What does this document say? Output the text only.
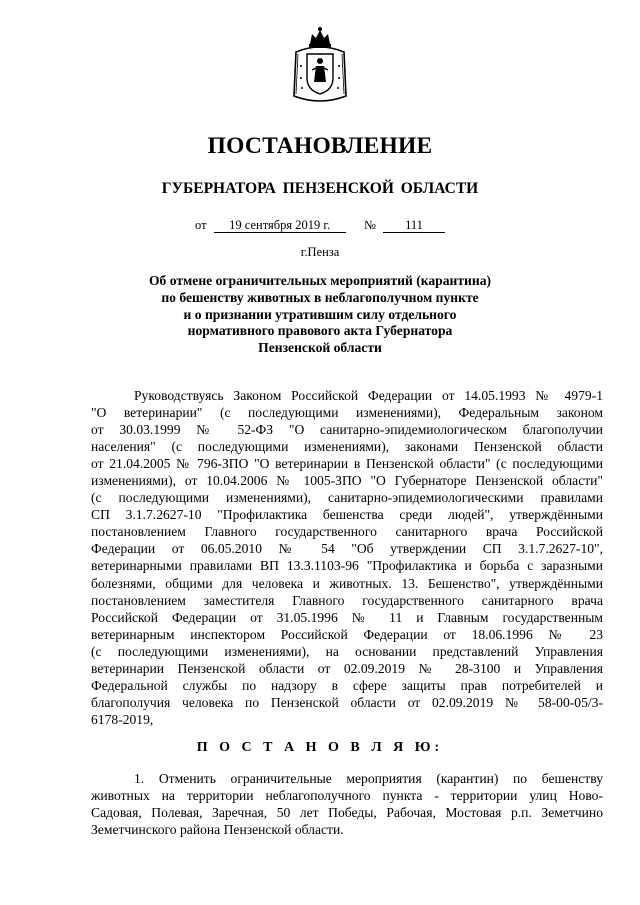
ПОСТАНОВЛЕНИЕ
ГУБЕРНАТОРА ПЕНЗЕНСКОЙ ОБЛАСТИ
от 19 сентября 2019 г.	№ 111
г.Пенза
Об отмене ограничительных мероприятий (карантина)
по бешенству животных в неблагополучном пункте
и о признании утратившим силу отдельного
нормативного правового акта Губернатора
Пензенской области
Руководствуясь Законом Российской Федерации от 14.05.1993 № 4979-1
"О ветеринарии" (с последующими изменениями), Федеральным законом
от 30.03.1999 № 52-ФЗ "О санитарно-эпидемиологическом благополучии
населения" (с последующими изменениями), законами Пензенской области
от 21.04.2005 № 796-ЗПО "О ветеринарии в Пензенской области" (с последующими
изменениями), от 10.04.2006 № 1005-ЗПО "О Губернаторе Пензенской области"
(с последующими изменениями), санитарно-эпидемиологическими правилами
СП 3.1.7.2627-10 "Профилактика бешенства среди людей", утверждёнными
постановлением Главного государственного санитарного врача Российской
Федерации от 06.05.2010 № 54 "Об утверждении СП 3.1.7.2627-10",
ветеринарными правилами ВП 13.3.1103-96 "Профилактика и борьба с заразными
болезнями, общими для человека и животных. 13. Бешенство", утверждёнными
постановлением заместителя Главного государственного санитарного врача
Российской Федерации от 31.05.1996 № 11 и Главным государственным
ветеринарным инспектором Российской Федерации от 18.06.1996 № 23
(с последующими изменениями), на основании представлений Управления
ветеринарии Пензенской области от 02.09.2019 № 28-3100 и Управления
Федеральной службы по надзору в сфере защиты прав потребителей и
благополучия человека по Пензенской области от 02.09.2019 № 58-00-05/3-
6178-2019,
П О С Т А Н О В Л Я Ю:
1. Отменить ограничительные мероприятия (карантин) по бешенству
животных на территории неблагополучного пункта - территории улиц Ново-
Садовая, Полевая, Заречная, 50 лет Победы, Рабочая, Мостовая р.п. Земетчино
Земетчинского района Пензенской области.
